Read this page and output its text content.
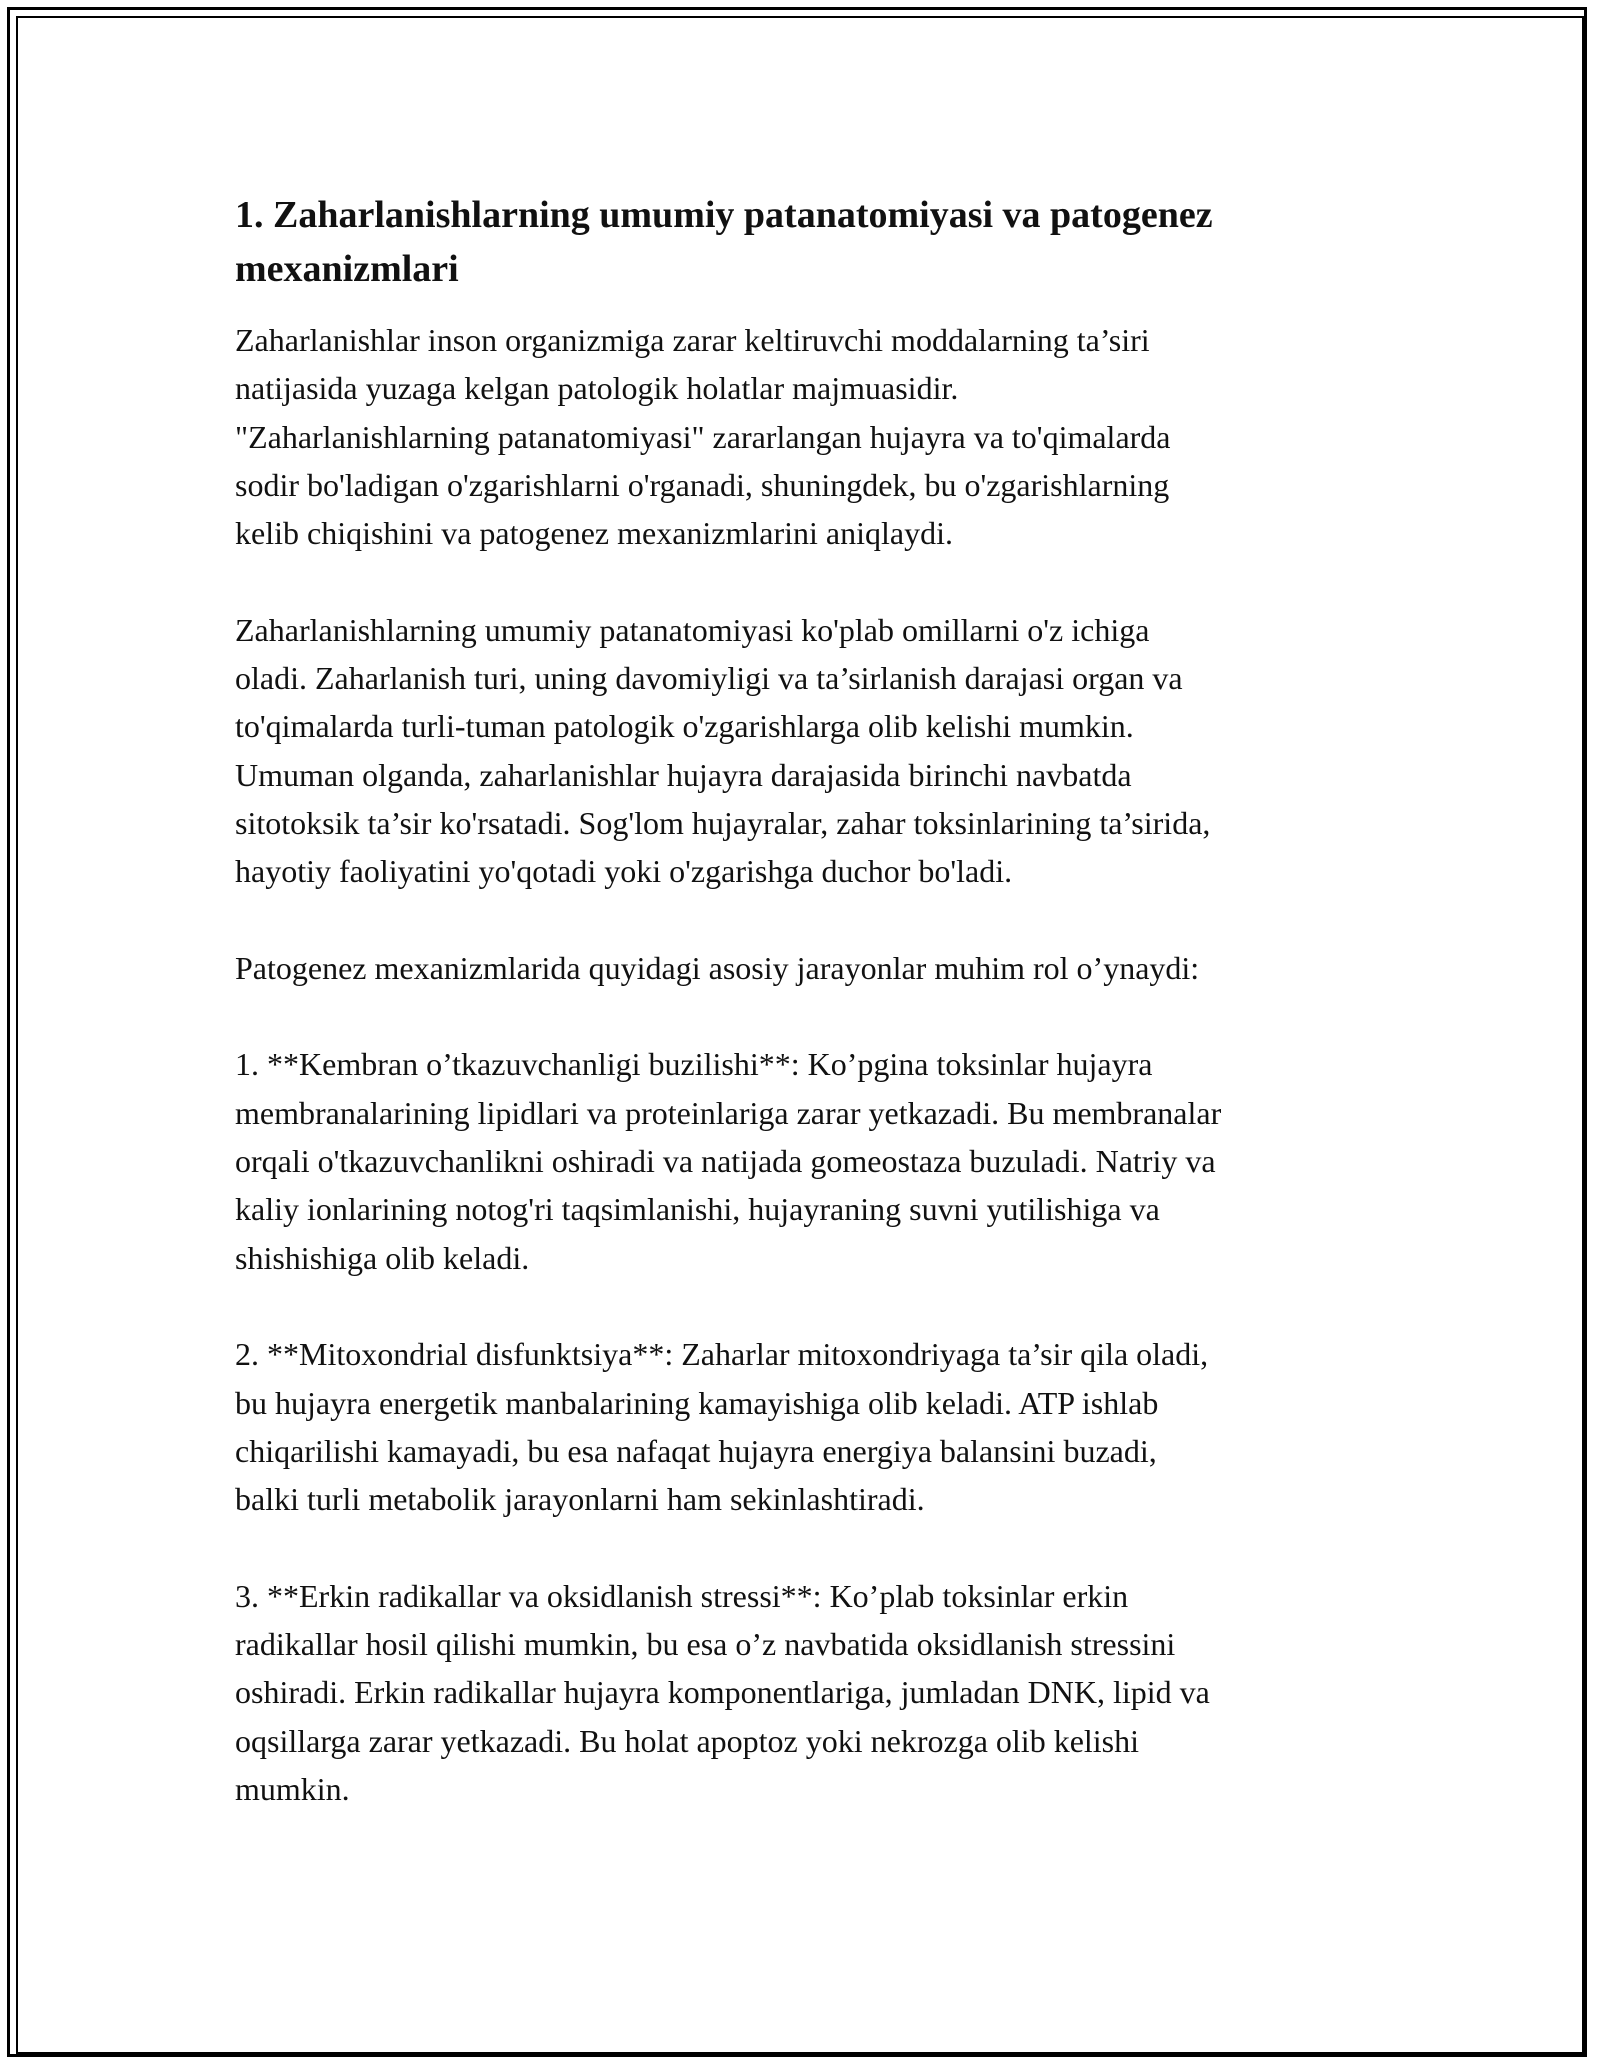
1. Zaharlanishlarning umumiy patanatomiyasi va patogenez
mexanizmlari

Zaharlanishlar inson organizmiga zarar keltiruvchi moddalarning ta’siri
natijasida yuzaga kelgan patologik holatlar majmuasidir.
"Zaharlanishlarning patanatomiyasi" zararlangan hujayra va to'qimalarda
sodir bo'ladigan o'zgarishlarni o'rganadi, shuningdek, bu o'zgarishlarning
kelib chiqishini va patogenez mexanizmlarini aniqlaydi.

Zaharlanishlarning umumiy patanatomiyasi ko'plab omillarni o'z ichiga
oladi. Zaharlanish turi, uning davomiyligi va ta’sirlanish darajasi organ va
to'qimalarda turli-tuman patologik o'zgarishlarga olib kelishi mumkin.
Umuman olganda, zaharlanishlar hujayra darajasida birinchi navbatda
sitotoksik ta’sir ko'rsatadi. Sog'lom hujayralar, zahar toksinlarining ta’sirida,
hayotiy faoliyatini yo'qotadi yoki o'zgarishga duchor bo'ladi.

Patogenez mexanizmlarida quyidagi asosiy jarayonlar muhim rol o’ynaydi:

1. **Kembran o’tkazuvchanligi buzilishi**: Ko’pgina toksinlar hujayra
membranalarining lipidlari va proteinlariga zarar yetkazadi. Bu membranalar
orqali o'tkazuvchanlikni oshiradi va natijada gomeostaza buzuladi. Natriy va
kaliy ionlarining notog'ri taqsimlanishi, hujayraning suvni yutilishiga va
shishishiga olib keladi.

2. **Mitoxondrial disfunktsiya**: Zaharlar mitoxondriyaga ta’sir qila oladi,
bu hujayra energetik manbalarining kamayishiga olib keladi. ATP ishlab
chiqarilishi kamayadi, bu esa nafaqat hujayra energiya balansini buzadi,
balki turli metabolik jarayonlarni ham sekinlashtiradi.

3. **Erkin radikallar va oksidlanish stressi**: Ko’plab toksinlar erkin
radikallar hosil qilishi mumkin, bu esa o’z navbatida oksidlanish stressini
oshiradi. Erkin radikallar hujayra komponentlariga, jumladan DNK, lipid va
oqsillarga zarar yetkazadi. Bu holat apoptoz yoki nekrozga olib kelishi
mumkin.
